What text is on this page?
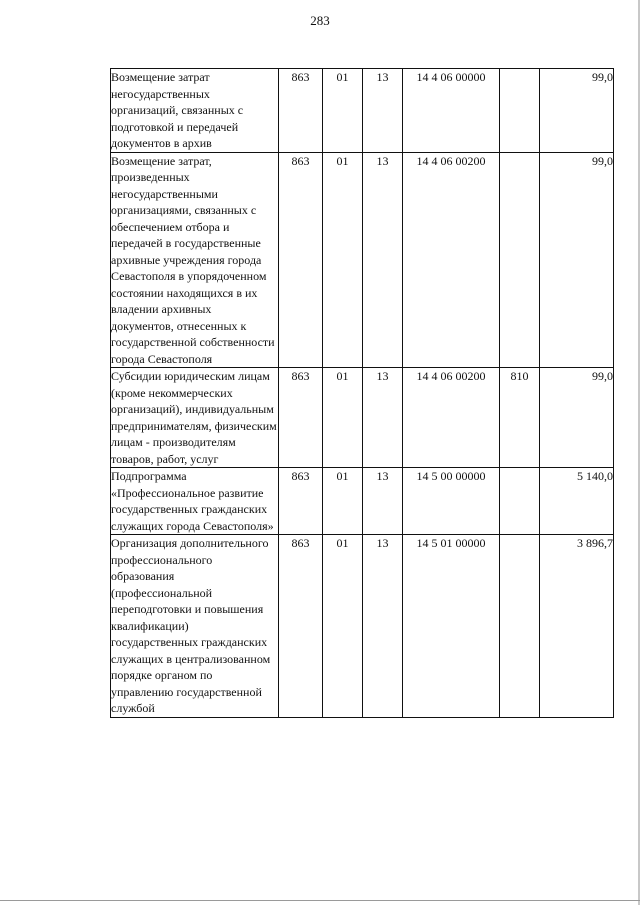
283
Возмещение затрат негосударственных организаций, связанных с подготовкой и передачей документов в архив	863	01	13	14 4 06 00000		99,0
Возмещение затрат, произведенных негосударственными организациями, связанных с обеспечением отбора и передачей в государственные архивные учреждения города Севастополя в упорядоченном состоянии находящихся в их владении архивных документов, отнесенных к государственной собственности города Севастополя	863	01	13	14 4 06 00200		99,0
Субсидии юридическим лицам (кроме некоммерческих организаций), индивидуальным предпринимателям, физическим лицам - производителям товаров, работ, услуг	863	01	13	14 4 06 00200	810	99,0
Подпрограмма «Профессиональное развитие государственных гражданских служащих города Севастополя»	863	01	13	14 5 00 00000		5 140,0
Организация дополнительного профессионального образования (профессиональной переподготовки и повышения квалификации) государственных гражданских служащих в централизованном порядке органом по управлению государственной службой	863	01	13	14 5 01 00000		3 896,7
